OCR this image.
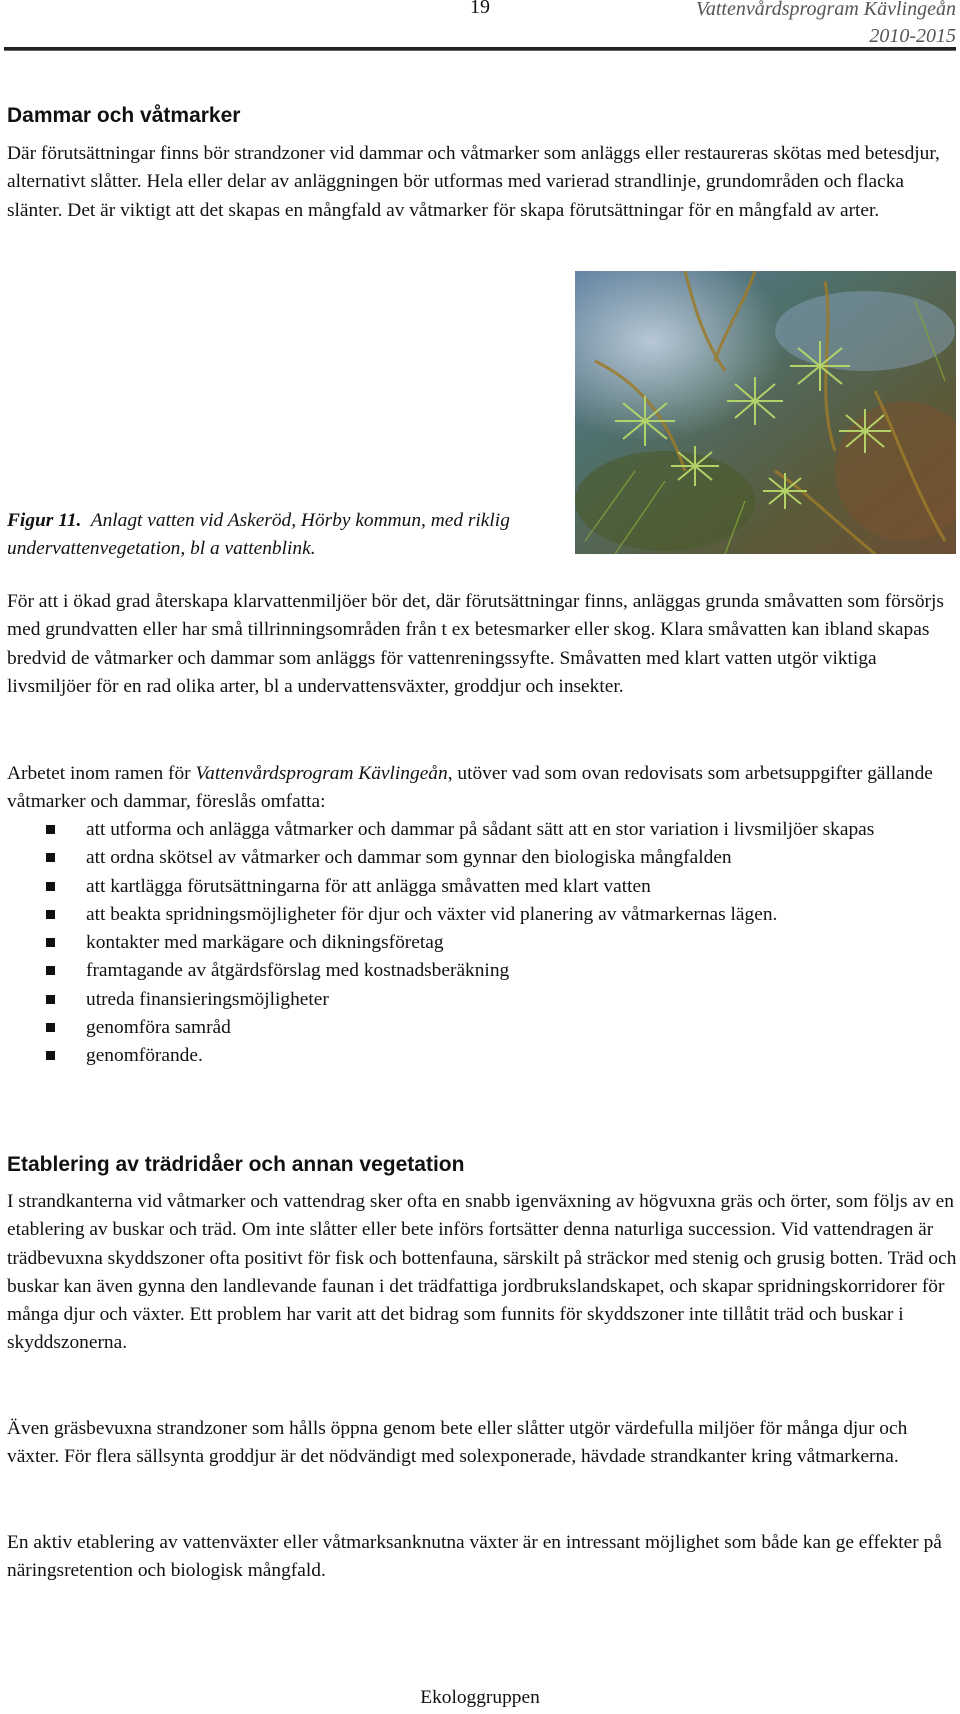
19	Vattenvårdsprogram Kävlingeån
2010-2015
Dammar och våtmarker

Där förutsättningar finns bör strandzoner vid dammar och våtmarker som anläggs eller restaureras skötas med betesdjur, alternativt slåtter. Hela eller delar av anläggningen bör utformas med varierad strandlinje, grundområden och flacka slänter. Det är viktigt att det skapas en mångfald av våtmarker för skapa förutsättningar för en mångfald av arter.

Figur 11. Anlagt vatten vid Askeröd, Hörby kommun, med riklig undervattenvegetation, bl a vattenblink.

För att i ökad grad återskapa klarvattenmiljöer bör det, där förutsättningar finns, anläggas grunda småvatten som försörjs med grundvatten eller har små tillrinningsområden från t ex betesmarker eller skog. Klara småvatten kan ibland skapas bredvid de våtmarker och dammar som anläggs för vattenreningssyfte. Småvatten med klart vatten utgör viktiga livsmiljöer för en rad olika arter, bl a undervattensväxter, groddjur och insekter.

Arbetet inom ramen för Vattenvårdsprogram Kävlingeån, utöver vad som ovan redovisats som arbetsuppgifter gällande våtmarker och dammar, föreslås omfatta:

att utforma och anlägga våtmarker och dammar på sådant sätt att en stor variation i livsmiljöer skapas
att ordna skötsel av våtmarker och dammar som gynnar den biologiska mångfalden
att kartlägga förutsättningarna för att anlägga småvatten med klart vatten
att beakta spridningsmöjligheter för djur och växter vid planering av våtmarkernas lägen.
kontakter med markägare och dikningsföretag
framtagande av åtgärdsförslag med kostnadsberäkning
utreda finansieringsmöjligheter
genomföra samråd
genomförande.
Etablering av trädridåer och annan vegetation

I strandkanterna vid våtmarker och vattendrag sker ofta en snabb igenväxning av högvuxna gräs och örter, som följs av en etablering av buskar och träd. Om inte slåtter eller bete införs fortsätter denna naturliga succession. Vid vattendragen är trädbevuxna skyddszoner ofta positivt för fisk och bottenfauna, särskilt på sträckor med stenig och grusig botten. Träd och buskar kan även gynna den landlevande faunan i det trädfattiga jordbrukslandskapet, och skapar spridningskorridorer för många djur och växter. Ett problem har varit att det bidrag som funnits för skyddszoner inte tillåtit träd och buskar i skyddszonerna.

Även gräsbevuxna strandzoner som hålls öppna genom bete eller slåtter utgör värdefulla miljöer för många djur och växter. För flera sällsynta groddjur är det nödvändigt med solexponerade, hävdade strandkanter kring våtmarkerna.

En aktiv etablering av vattenväxter eller våtmarksanknutna växter är en intressant möjlighet som både kan ge effekter på näringsretention och biologisk mångfald.

Ekologgruppen
